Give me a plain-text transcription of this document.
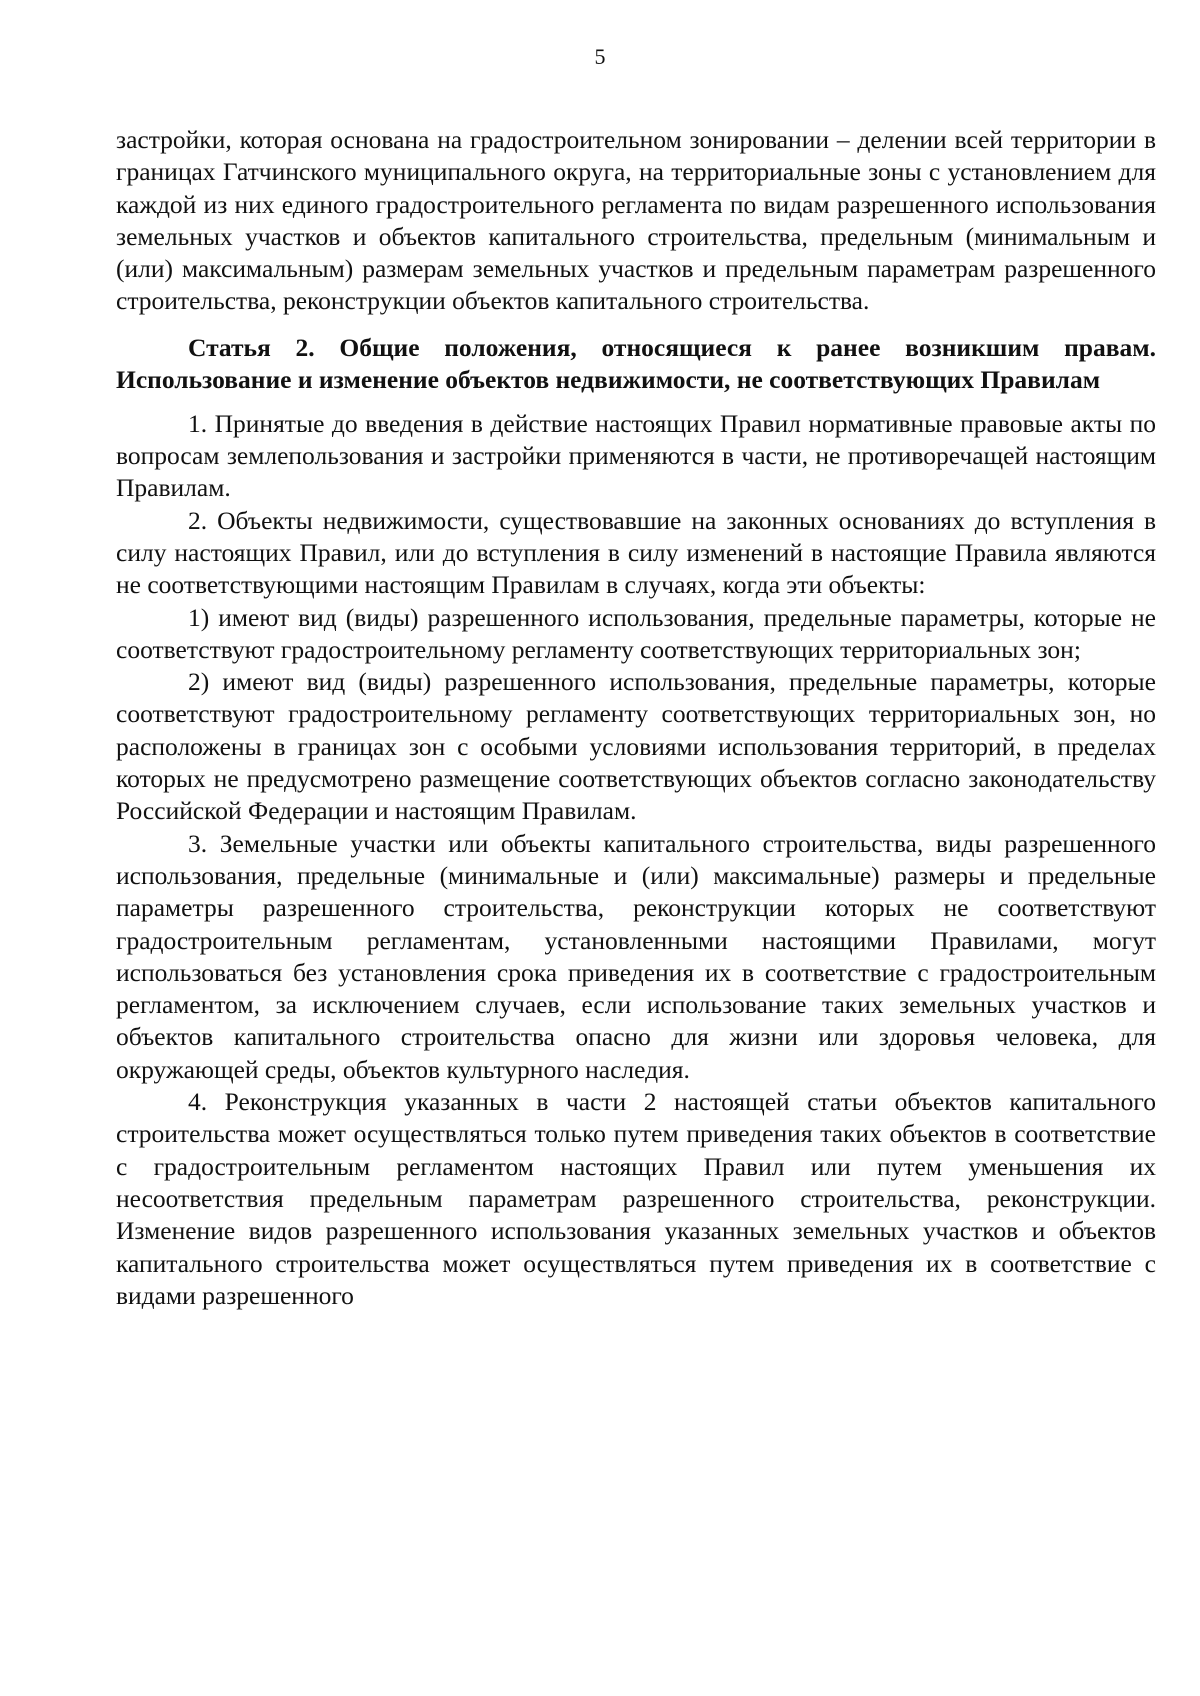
5

застройки, которая основана на градостроительном зонировании – делении всей территории в границах Гатчинского муниципального округа, на территориальные зоны с установлением для каждой из них единого градостроительного регламента по видам разрешенного использования земельных участков и объектов капитального строительства, предельным (минимальным и (или) максимальным) размерам земельных участков и предельным параметрам разрешенного строительства, реконструкции объектов капитального строительства.

Статья 2. Общие положения, относящиеся к ранее возникшим правам. Использование и изменение объектов недвижимости, не соответствующих Правилам

1. Принятые до введения в действие настоящих Правил нормативные правовые акты по вопросам землепользования и застройки применяются в части, не противоречащей настоящим Правилам.

2. Объекты недвижимости, существовавшие на законных основаниях до вступления в силу настоящих Правил, или до вступления в силу изменений в настоящие Правила являются не соответствующими настоящим Правилам в случаях, когда эти объекты:

1) имеют вид (виды) разрешенного использования, предельные параметры, которые не соответствуют градостроительному регламенту соответствующих территориальных зон;

2) имеют вид (виды) разрешенного использования, предельные параметры, которые соответствуют градостроительному регламенту соответствующих территориальных зон, но расположены в границах зон с особыми условиями использования территорий, в пределах которых не предусмотрено размещение соответствующих объектов согласно законодательству Российской Федерации и настоящим Правилам.

3. Земельные участки или объекты капитального строительства, виды разрешенного использования, предельные (минимальные и (или) максимальные) размеры и предельные параметры разрешенного строительства, реконструкции которых не соответствуют градостроительным регламентам, установленными настоящими Правилами, могут использоваться без установления срока приведения их в соответствие с градостроительным регламентом, за исключением случаев, если использование таких земельных участков и объектов капитального строительства опасно для жизни или здоровья человека, для окружающей среды, объектов культурного наследия.

4. Реконструкция указанных в части 2 настоящей статьи объектов капитального строительства может осуществляться только путем приведения таких объектов в соответствие с градостроительным регламентом настоящих Правил или путем уменьшения их несоответствия предельным параметрам разрешенного строительства, реконструкции. Изменение видов разрешенного использования указанных земельных участков и объектов капитального строительства может осуществляться путем приведения их в соответствие с видами разрешенного
